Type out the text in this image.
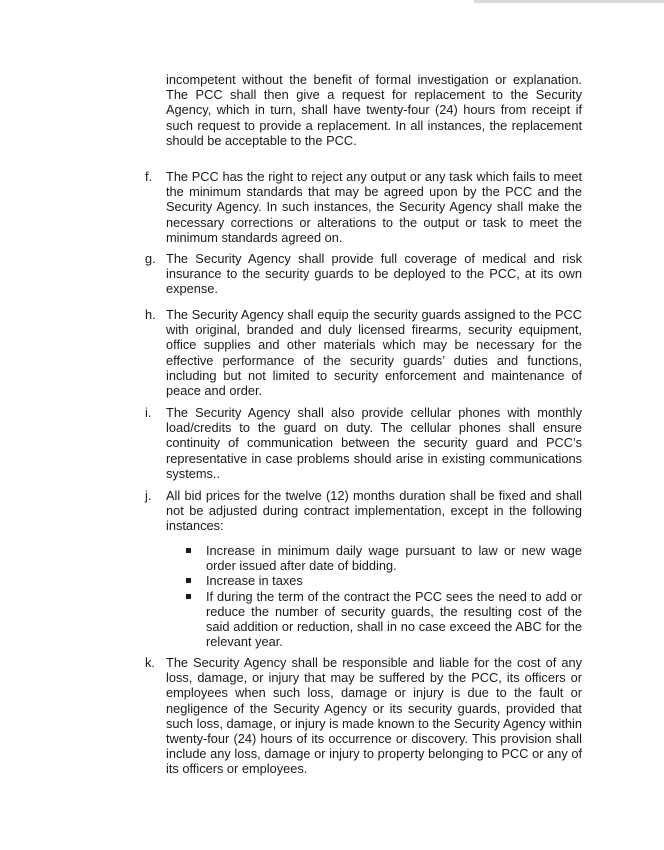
incompetent without the benefit of formal investigation or explanation. The PCC shall then give a request for replacement to the Security Agency, which in turn, shall have twenty-four (24) hours from receipt if such request to provide a replacement. In all instances, the replacement should be acceptable to the PCC.

f.	The PCC has the right to reject any output or any task which fails to meet the minimum standards that may be agreed upon by the PCC and the Security Agency. In such instances, the Security Agency shall make the necessary corrections or alterations to the output or task to meet the minimum standards agreed on.
g. The Security Agency shall provide full coverage of medical and risk insurance to the security guards to be deployed to the PCC, at its own expense.
h. The Security Agency shall equip the security guards assigned to the PCC with original, branded and duly licensed firearms, security equipment, office supplies and other materials which may be necessary for the effective performance of the security guards’ duties and functions, including but not limited to security enforcement and maintenance of peace and order.
i.	The Security Agency shall also provide cellular phones with monthly load/credits to the guard on duty. The cellular phones shall ensure continuity of communication between the security guard and PCC’s representative in case problems should arise in existing communications systems..
j.	All bid prices for the twelve (12) months duration shall be fixed and shall not be adjusted during contract implementation, except in the following instances:
Increase in minimum daily wage pursuant to law or new wage order issued after date of bidding.
Increase in taxes
If during the term of the contract the PCC sees the need to add or reduce the number of security guards, the resulting cost of the said addition or reduction, shall in no case exceed the ABC for the relevant year.
k. The Security Agency shall be responsible and liable for the cost of any loss, damage, or injury that may be suffered by the PCC, its officers or employees when such loss, damage or injury is due to the fault or negligence of the Security Agency or its security guards, provided that such loss, damage, or injury is made known to the Security Agency within twenty-four (24) hours of its occurrence or discovery. This provision shall include any loss, damage or injury to property belonging to PCC or any of its officers or employees.
